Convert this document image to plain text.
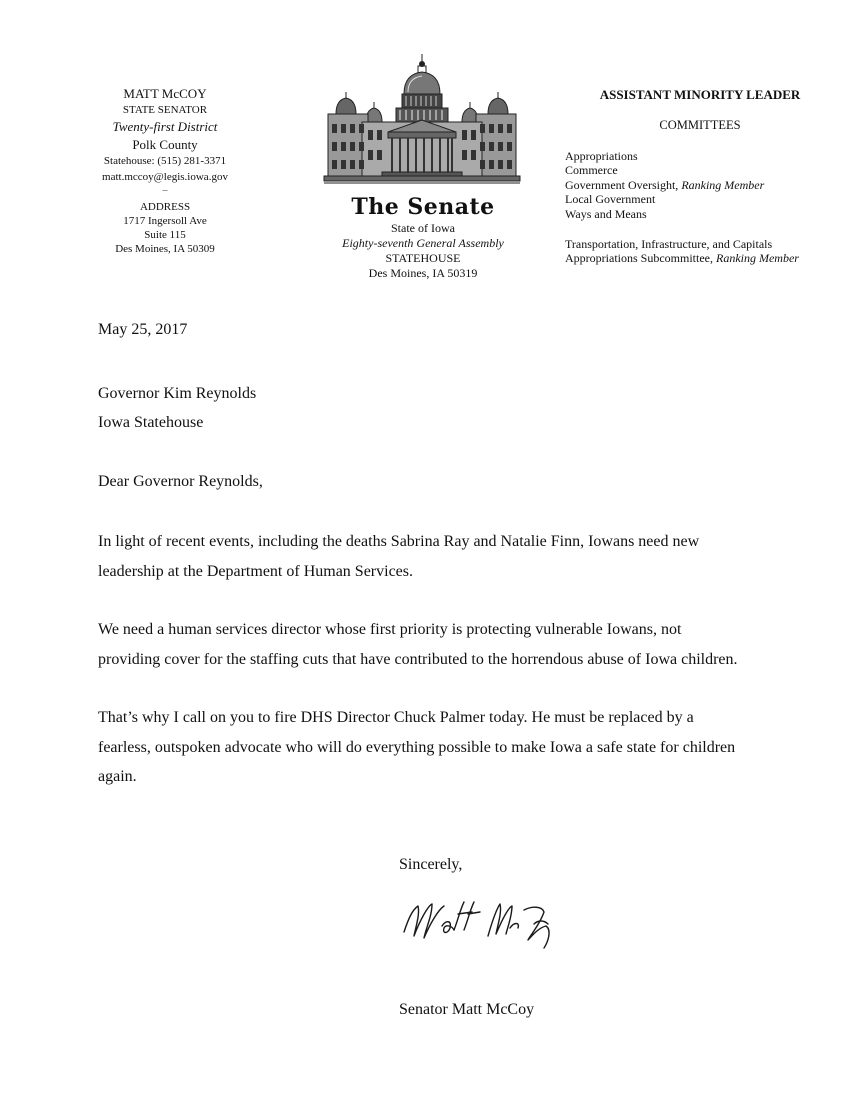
MATT McCOY
STATE SENATOR
Twenty-first District
Polk County
Statehouse: (515) 281-3371
matt.mccoy@legis.iowa.gov
–
ADDRESS
1717 Ingersoll Ave
Suite 115
Des Moines, IA 50309
The Senate
State of Iowa
Eighty-seventh General Assembly
STATEHOUSE
Des Moines, IA 50319
ASSISTANT MINORITY LEADER
COMMITTEES
Appropriations
Commerce
Government Oversight, Ranking Member
Local Government
Ways and Means
Transportation, Infrastructure, and Capitals
Appropriations Subcommittee, Ranking Member
May 25, 2017
Governor Kim Reynolds
Iowa Statehouse
Dear Governor Reynolds,

In light of recent events, including the deaths Sabrina Ray and Natalie Finn, Iowans need new leadership at the Department of Human Services.

We need a human services director whose first priority is protecting vulnerable Iowans, not providing cover for the staffing cuts that have contributed to the horrendous abuse of Iowa children.

That’s why I call on you to fire DHS Director Chuck Palmer today. He must be replaced by a fearless, outspoken advocate who will do everything possible to make Iowa a safe state for children again.

Sincerely,
Senator Matt McCoy
